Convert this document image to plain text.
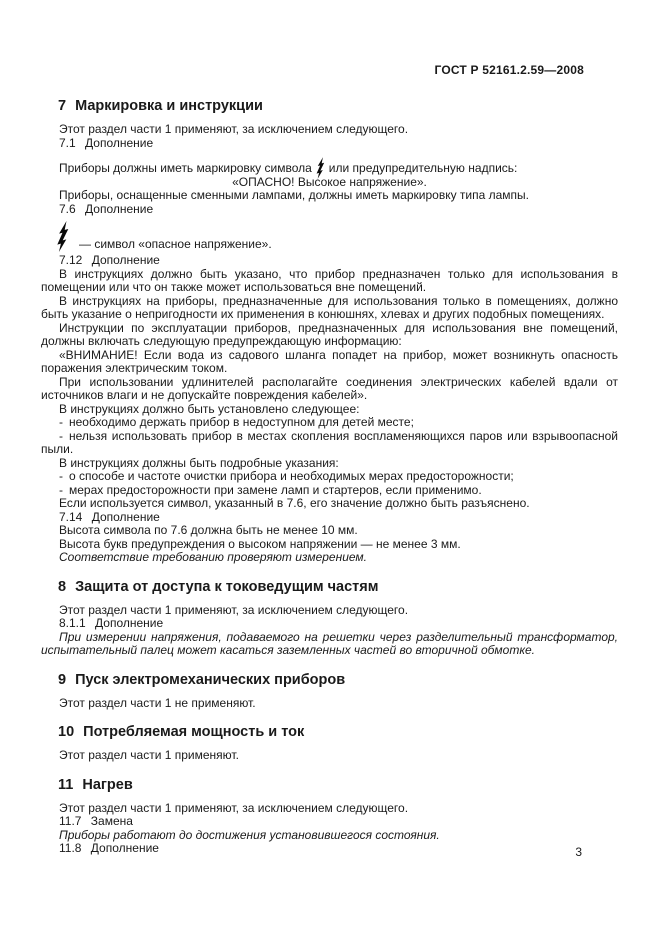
ГОСТ Р 52161.2.59—2008
7 Маркировка и инструкции

Этот раздел части 1 применяют, за исключением следующего.

7.1  Дополнение

Приборы должны иметь маркировку символа или предупредительную надпись:

«ОПАСНО! Высокое напряжение».

Приборы, оснащенные сменными лампами, должны иметь маркировку типа лампы.

7.6  Дополнение

— символ «опасное напряжение».

7.12  Дополнение

В инструкциях должно быть указано, что прибор предназначен только для использования в помещении или что он также может использоваться вне помещений.

В инструкциях на приборы, предназначенные для использования только в помещениях, должно быть указание о непригодности их применения в конюшнях, хлевах и других подобных помещениях.

Инструкции по эксплуатации приборов, предназначенных для использования вне помещений, должны включать следующую предупреждающую информацию:

«ВНИМАНИЕ! Если вода из садового шланга попадет на прибор, может возникнуть опасность поражения электрическим током.

При использовании удлинителей располагайте соединения электрических кабелей вдали от источников влаги и не допускайте повреждения кабелей».

В инструкциях должно быть установлено следующее:

- необходимо держать прибор в недоступном для детей месте;

- нельзя использовать прибор в местах скопления воспламеняющихся паров или взрывоопасной пыли.

В инструкциях должны быть подробные указания:

- о способе и частоте очистки прибора и необходимых мерах предосторожности;

- мерах предосторожности при замене ламп и стартеров, если применимо.

Если используется символ, указанный в 7.6, его значение должно быть разъяснено.

7.14  Дополнение

Высота символа по 7.6 должна быть не менее 10 мм.

Высота букв предупреждения о высоком напряжении — не менее 3 мм.

Соответствие требованию проверяют измерением.

8 Защита от доступа к токоведущим частям

Этот раздел части 1 применяют, за исключением следующего.

8.1.1  Дополнение

При измерении напряжения, подаваемого на решетки через разделительный трансформатор, испытательный палец может касаться заземленных частей во вторичной обмотке.

9 Пуск электромеханических приборов

Этот раздел части 1 не применяют.

10 Потребляемая мощность и ток

Этот раздел части 1 применяют.

11 Нагрев

Этот раздел части 1 применяют, за исключением следующего.

11.7  Замена

Приборы работают до достижения установившегося состояния.

11.8  Дополнение	3
